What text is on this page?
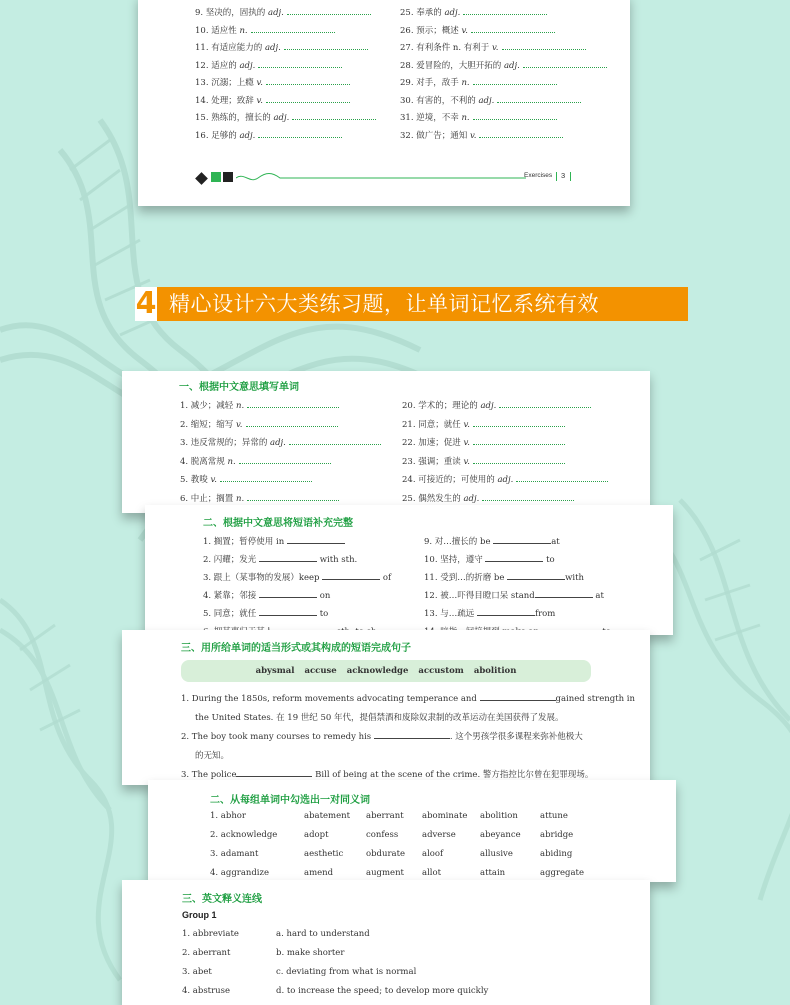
9. 坚决的，固执的 adj.
10. 适应性 n.
11. 有适应能力的 adj.
12. 适应的 adj.
13. 沉溺；上瘾 v.
14. 处理；致辞 v.
15. 熟练的，擅长的 adj.
16. 足够的 adj.
25. 奉承的 adj.
26. 预示；概述 v.
27. 有利条件 n. 有利于 v.
28. 爱冒险的，大胆开拓的 adj.
29. 对手，敌手 n.
30. 有害的，不利的 adj.
31. 逆境，不幸 n.
32. 做广告；通知 v.
Exercises 3
4 精心设计六大类练习题，让单词记忆系统有效
一、根据中文意思填写单词
1. 减少；减轻 n.
2. 缩短；缩写 v.
3. 违反常规的；异常的 adj.
4. 脱离常规 n.
5. 教唆 v.
6. 中止；搁置 n.
20. 学术的；理论的 adj.
21. 同意；就任 v.
22. 加速；促进 v.
23. 强调；重读 v.
24. 可接近的；可使用的 adj.
25. 偶然发生的 adj.
二、根据中文意思将短语补充完整
1. 搁置；暂停使用 in
2. 闪耀；发光	with sth.
3. 跟上（某事物的发展）keep	of
4. 紧靠；邻接	on
5. 同意；就任	to
9. 对…擅长的 be	at
10. 坚持，遵守	to
11. 受到…的折磨 be	with
12. 被…吓得目瞪口呆 stand	at
13. 与…疏远	from
三、用所给单词的适当形式或其构成的短语完成句子
abysmal accuse acknowledge accustom abolition
1. During the 1850s, reform movements advocating temperance and	gained strength in
the United States. 在 19 世纪 50 年代，提倡禁酒和废除奴隶制的改革运动在美国获得了发展。
2. The boy took many courses to remedy his	. 这个男孩学很多课程来弥补他极大
的无知。
3. The police	Bill of being at the scene of the crime. 警方指控比尔曾在犯罪现场。
二、从每组单词中勾选出一对同义词
1. abhor	abatement aberrant abominate abolition	attune
2. acknowledge	adopt	confess	adverse	abeyance abridge
3. adamant	aesthetic	obdurate aloof	allusive	abiding
4. aggrandize	amend	augment allot	attain	aggregate
三、英文释义连线
Group 1
1. abbreviate	a. hard to understand
2. aberrant	b. make shorter
3. abet	c. deviating from what is normal
4. abstruse	d. to increase the speed; to develop more quickly
